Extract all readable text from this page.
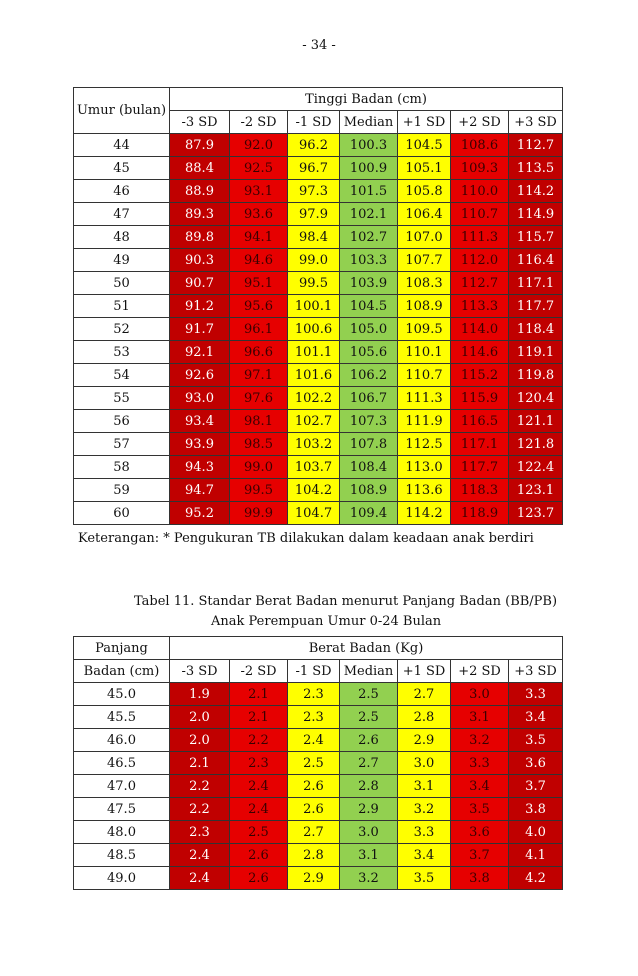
- 34 -
Umur (bulan)	Tinggi Badan (cm)						
	-3 SD	-2 SD	-1 SD	Median	+1 SD	+2 SD	+3 SD
44	87.9	92.0	96.2	100.3	104.5	108.6	112.7
45	88.4	92.5	96.7	100.9	105.1	109.3	113.5
46	88.9	93.1	97.3	101.5	105.8	110.0	114.2
47	89.3	93.6	97.9	102.1	106.4	110.7	114.9
48	89.8	94.1	98.4	102.7	107.0	111.3	115.7
49	90.3	94.6	99.0	103.3	107.7	112.0	116.4
50	90.7	95.1	99.5	103.9	108.3	112.7	117.1
51	91.2	95.6	100.1	104.5	108.9	113.3	117.7
52	91.7	96.1	100.6	105.0	109.5	114.0	118.4
53	92.1	96.6	101.1	105.6	110.1	114.6	119.1
54	92.6	97.1	101.6	106.2	110.7	115.2	119.8
55	93.0	97.6	102.2	106.7	111.3	115.9	120.4
56	93.4	98.1	102.7	107.3	111.9	116.5	121.1
57	93.9	98.5	103.2	107.8	112.5	117.1	121.8
58	94.3	99.0	103.7	108.4	113.0	117.7	122.4
59	94.7	99.5	104.2	108.9	113.6	118.3	123.1
60	95.2	99.9	104.7	109.4	114.2	118.9	123.7
Keterangan: * Pengukuran TB dilakukan dalam keadaan anak berdiri
Tabel 11. Standar Berat Badan menurut Panjang Badan (BB/PB)
Anak Perempuan Umur 0-24 Bulan
Panjang	Berat Badan (Kg)						
Badan (cm)	-3 SD	-2 SD	-1 SD	Median	+1 SD	+2 SD	+3 SD
45.0	1.9	2.1	2.3	2.5	2.7	3.0	3.3
45.5	2.0	2.1	2.3	2.5	2.8	3.1	3.4
46.0	2.0	2.2	2.4	2.6	2.9	3.2	3.5
46.5	2.1	2.3	2.5	2.7	3.0	3.3	3.6
47.0	2.2	2.4	2.6	2.8	3.1	3.4	3.7
47.5	2.2	2.4	2.6	2.9	3.2	3.5	3.8
48.0	2.3	2.5	2.7	3.0	3.3	3.6	4.0
48.5	2.4	2.6	2.8	3.1	3.4	3.7	4.1
49.0	2.4	2.6	2.9	3.2	3.5	3.8	4.2
